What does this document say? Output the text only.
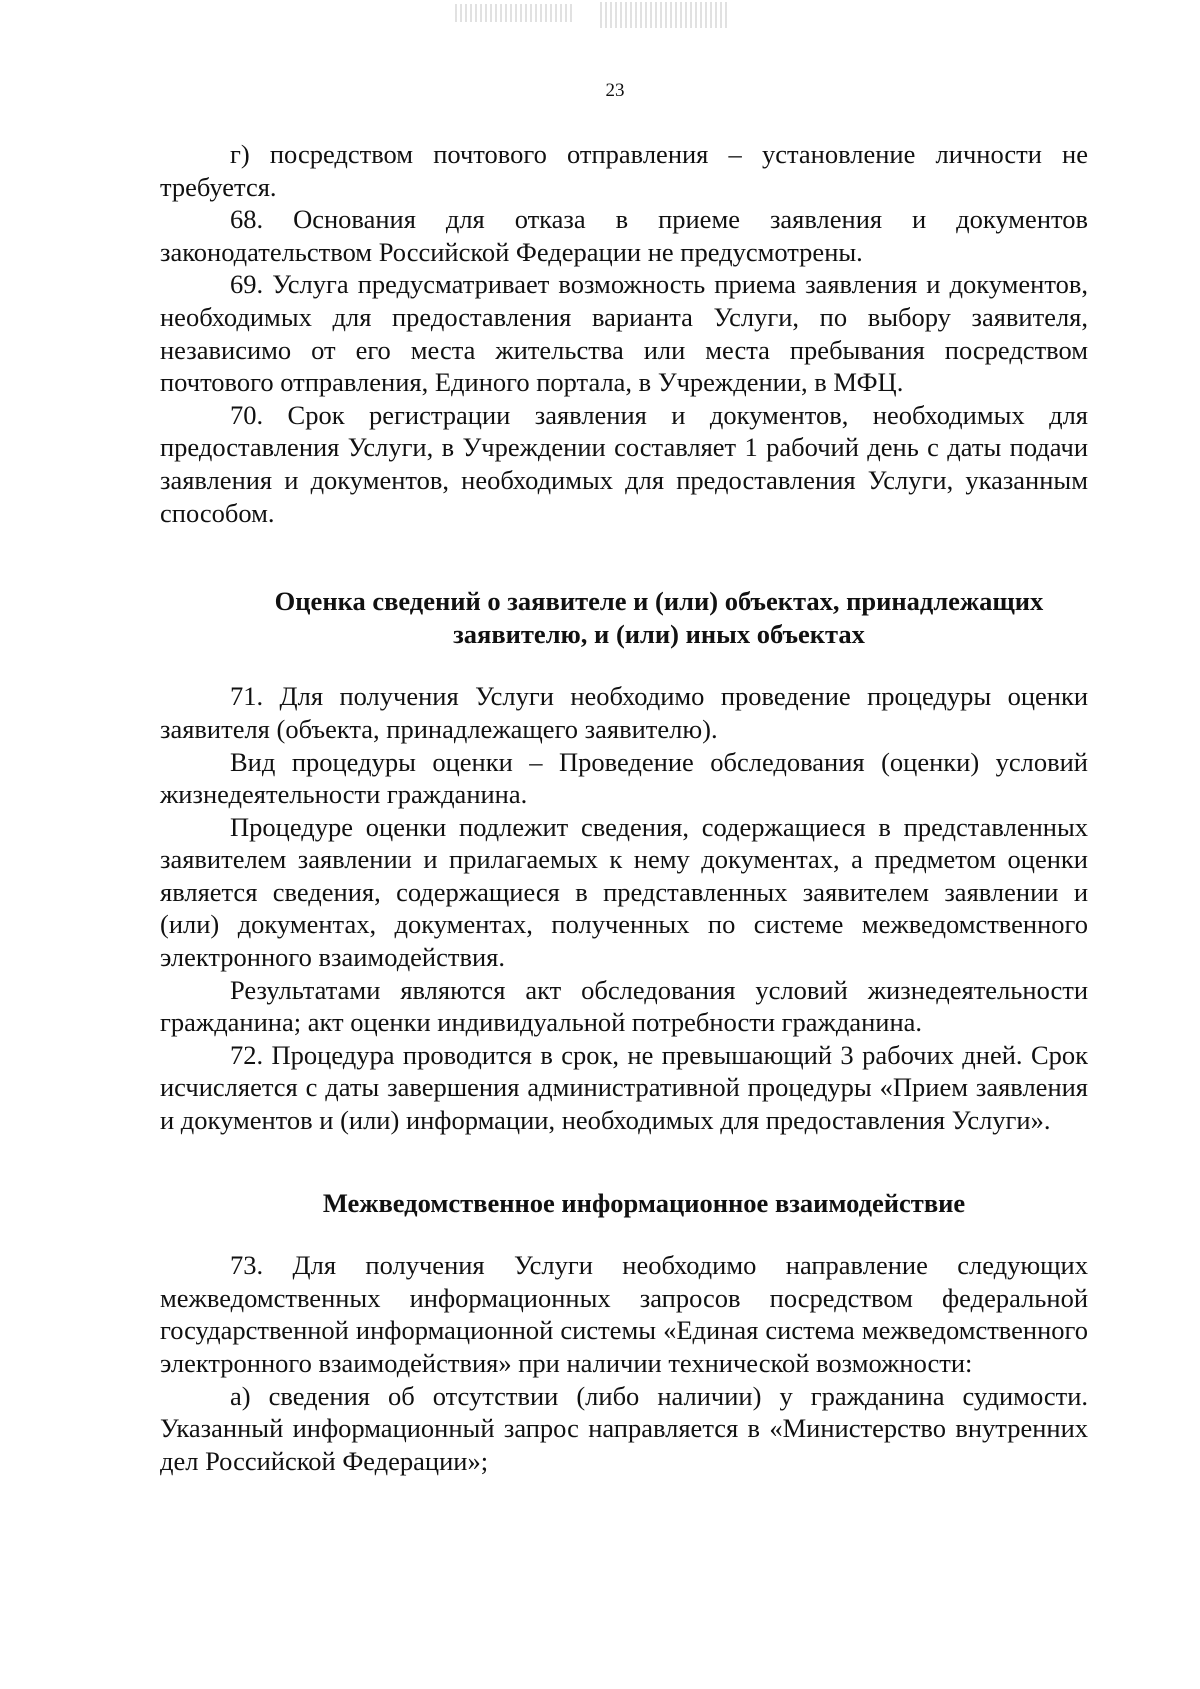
23

г) посредством почтового отправления – установление личности не требуется.

68. Основания для отказа в приеме заявления и документов законодательством Российской Федерации не предусмотрены.

69. Услуга предусматривает возможность приема заявления и документов, необходимых для предоставления варианта Услуги, по выбору заявителя, независимо от его места жительства или места пребывания посредством почтового отправления, Единого портала, в Учреждении, в МФЦ.

70. Срок регистрации заявления и документов, необходимых для предоставления Услуги, в Учреждении составляет 1 рабочий день с даты подачи заявления и документов, необходимых для предоставления Услуги, указанным способом.

Оценка сведений о заявителе и (или) объектах, принадлежащих
заявителю, и (или) иных объектах

71. Для получения Услуги необходимо проведение процедуры оценки заявителя (объекта, принадлежащего заявителю).

Вид процедуры оценки – Проведение обследования (оценки) условий жизнедеятельности гражданина.

Процедуре оценки подлежит сведения, содержащиеся в представленных заявителем заявлении и прилагаемых к нему документах, а предметом оценки является сведения, содержащиеся в представленных заявителем заявлении и (или) документах, документах, полученных по системе межведомственного электронного взаимодействия.

Результатами являются акт обследования условий жизнедеятельности гражданина; акт оценки индивидуальной потребности гражданина.

72. Процедура проводится в срок, не превышающий 3 рабочих дней. Срок исчисляется с даты завершения административной процедуры «Прием заявления и документов и (или) информации, необходимых для предоставления Услуги».

Межведомственное информационное взаимодействие

73. Для получения Услуги необходимо направление следующих межведомственных информационных запросов посредством федеральной государственной информационной системы «Единая система межведомственного электронного взаимодействия» при наличии технической возможности:

а) сведения об отсутствии (либо наличии) у гражданина судимости. Указанный информационный запрос направляется в «Министерство внутренних дел Российской Федерации»;
